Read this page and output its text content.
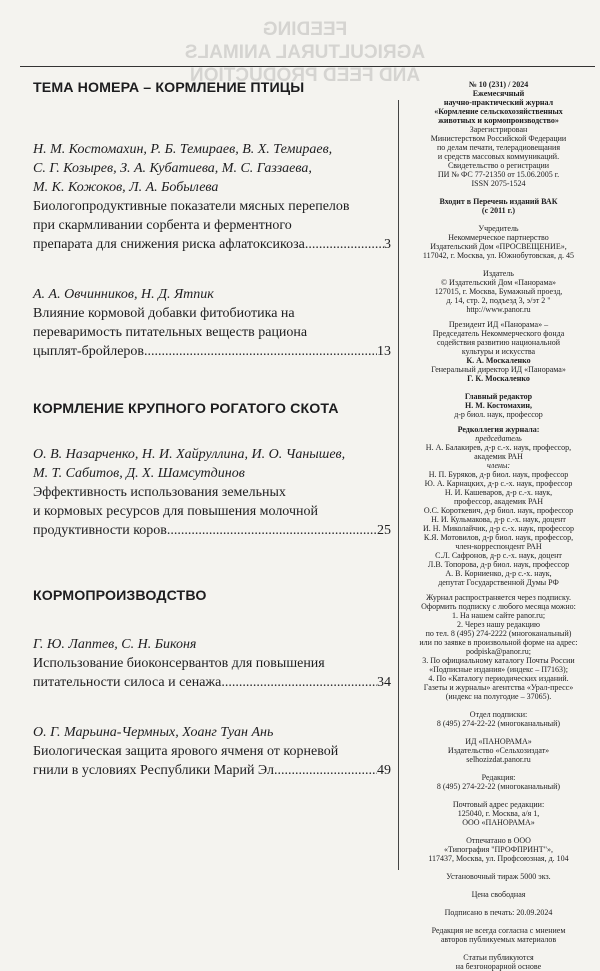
FEEDING
AGRICULTURAL ANIMALS
AND FEED PRODUCTION
ТЕМА НОМЕРА – КОРМЛЕНИЕ ПТИЦЫ
Н. М. Костомахин, Р. Б. Темираев, В. Х. Темираев,
С. Г. Козырев, З. А. Кубатиева, М. С. Газзаева,
М. К. Кожоков, Л. А. Бобылева
Биологопродуктивные показатели мясных перепелов
при скармливании сорбента и ферментного
препарата для снижения риска афлатоксикоза .....	3
А. А. Овчинников, Н. Д. Ятпик
Влияние кормовой добавки фитобиотика на
переваримость питательных веществ рациона
цыплят-бройлеров .....	13
КОРМЛЕНИЕ КРУПНОГО РОГАТОГО СКОТА
О. В. Назарченко, Н. И. Хайруллина, И. О. Чанышев,
М. Т. Сабитов, Д. Х. Шамсутдинов
Эффективность использования земельных
и кормовых ресурсов для повышения молочной
продуктивности коров .....	25
КОРМОПРОИЗВОДСТВО
Г. Ю. Лаптев, С. Н. Биконя
Использование биоконсервантов для повышения
питательности силоса и сенажа .....	34
О. Г. Марьина-Чермных, Хоанг Туан Ань
Биологическая защита ярового ячменя от корневой
гнили в условиях Республики Марий Эл .....	49

№ 10 (231) / 2024

Ежемесячный

научно-практический журнал

«Кормление сельскохозяйственных

животных и кормопроизводство»

Зарегистрирован

Министерством Российской Федерации

по делам печати, телерадиовещания

и средств массовых коммуникаций.

Свидетельство о регистрации

ПИ № ФС 77-21350 от 15.06.2005 г.

ISSN 2075-1524

Входит в Перечень изданий ВАК

(с 2011 г.)

Учредитель

Некоммерческое партнерство

Издательский Дом «ПРОСВЕЩЕНИЕ»,

117042, г. Москва, ул. Южнобутовская, д. 45

Издатель

© Издательский Дом «Панорама»

127015, г. Москва, Бумажный проезд,

д. 14, стр. 2, подъезд 3, э/эт 2 "

http://www.panor.ru

Президент ИД «Панорама» –

Председатель Некоммерческого фонда

содействия развитию национальной

культуры и искусства

К. А. Москаленко

Генеральный директор ИД «Панорама»

Г. К. Москаленко

Главный редактор

Н. М. Костомахин,

д-р биол. наук, профессор

Редколлегия журнала:

председатель

Н. А. Балакирев, д-р с.-х. наук, профессор,

академик РАН

члены:

Н. П. Буряков, д-р биол. наук, профессор

Ю. А. Карнацких, д-р с.-х. наук, профессор

Н. И. Кашеваров, д-р с.-х. наук,

профессор, академик РАН

О.С. Короткевич, д-р биол. наук, профессор

Н. И. Кульмакова, д-р с.-х. наук, доцент

И. Н. Миколайчик, д-р с.-х. наук, профессор

К.Я. Мотовилов, д-р биол. наук, профессор,

член-корреспондент РАН

С.Л. Сафронов, д-р с.-х. наук, доцент

Л.В. Топорова, д-р биол. наук, профессор

А. В. Корниенко, д-р с.-х. наук,

депутат Государственной Думы РФ

Журнал распространяется через подписку.

Оформить подписку с любого месяца можно:

1. На нашем сайте panor.ru;

2. Через нашу редакцию

по тел. 8 (495) 274-2222 (многоканальный)

или по заявке в произвольной форме на адрес:

podpiska@panor.ru;

3. По официальному каталогу Почты России

«Подписные издания» (индекс – П7163);

4. По «Каталогу периодических изданий.

Газеты и журналы» агентства «Урал-пресс»

(индекс на полугодие – 37065).

Отдел подписки:

8 (495) 274-22-22 (многоканальный)

ИД «ПАНОРАМА»

Издательство «Сельхозиздат»

selhozizdat.panor.ru

Редакция:

8 (495) 274-22-22 (многоканальный)

Почтовый адрес редакции:

125040, г. Москва, а/я 1,

ООО «ПАНОРАМА»

Отпечатано в ООО

«Типография "ПРОФПРИНТ"»,

117437, Москва, ул. Профсоюзная, д. 104

Установочный тираж 5000 экз.

Цена свободная

Подписано в печать: 20.09.2024

Редакция не всегда согласна с мнением

авторов публикуемых материалов

Статьи публикуются

на безгонорарной основе
